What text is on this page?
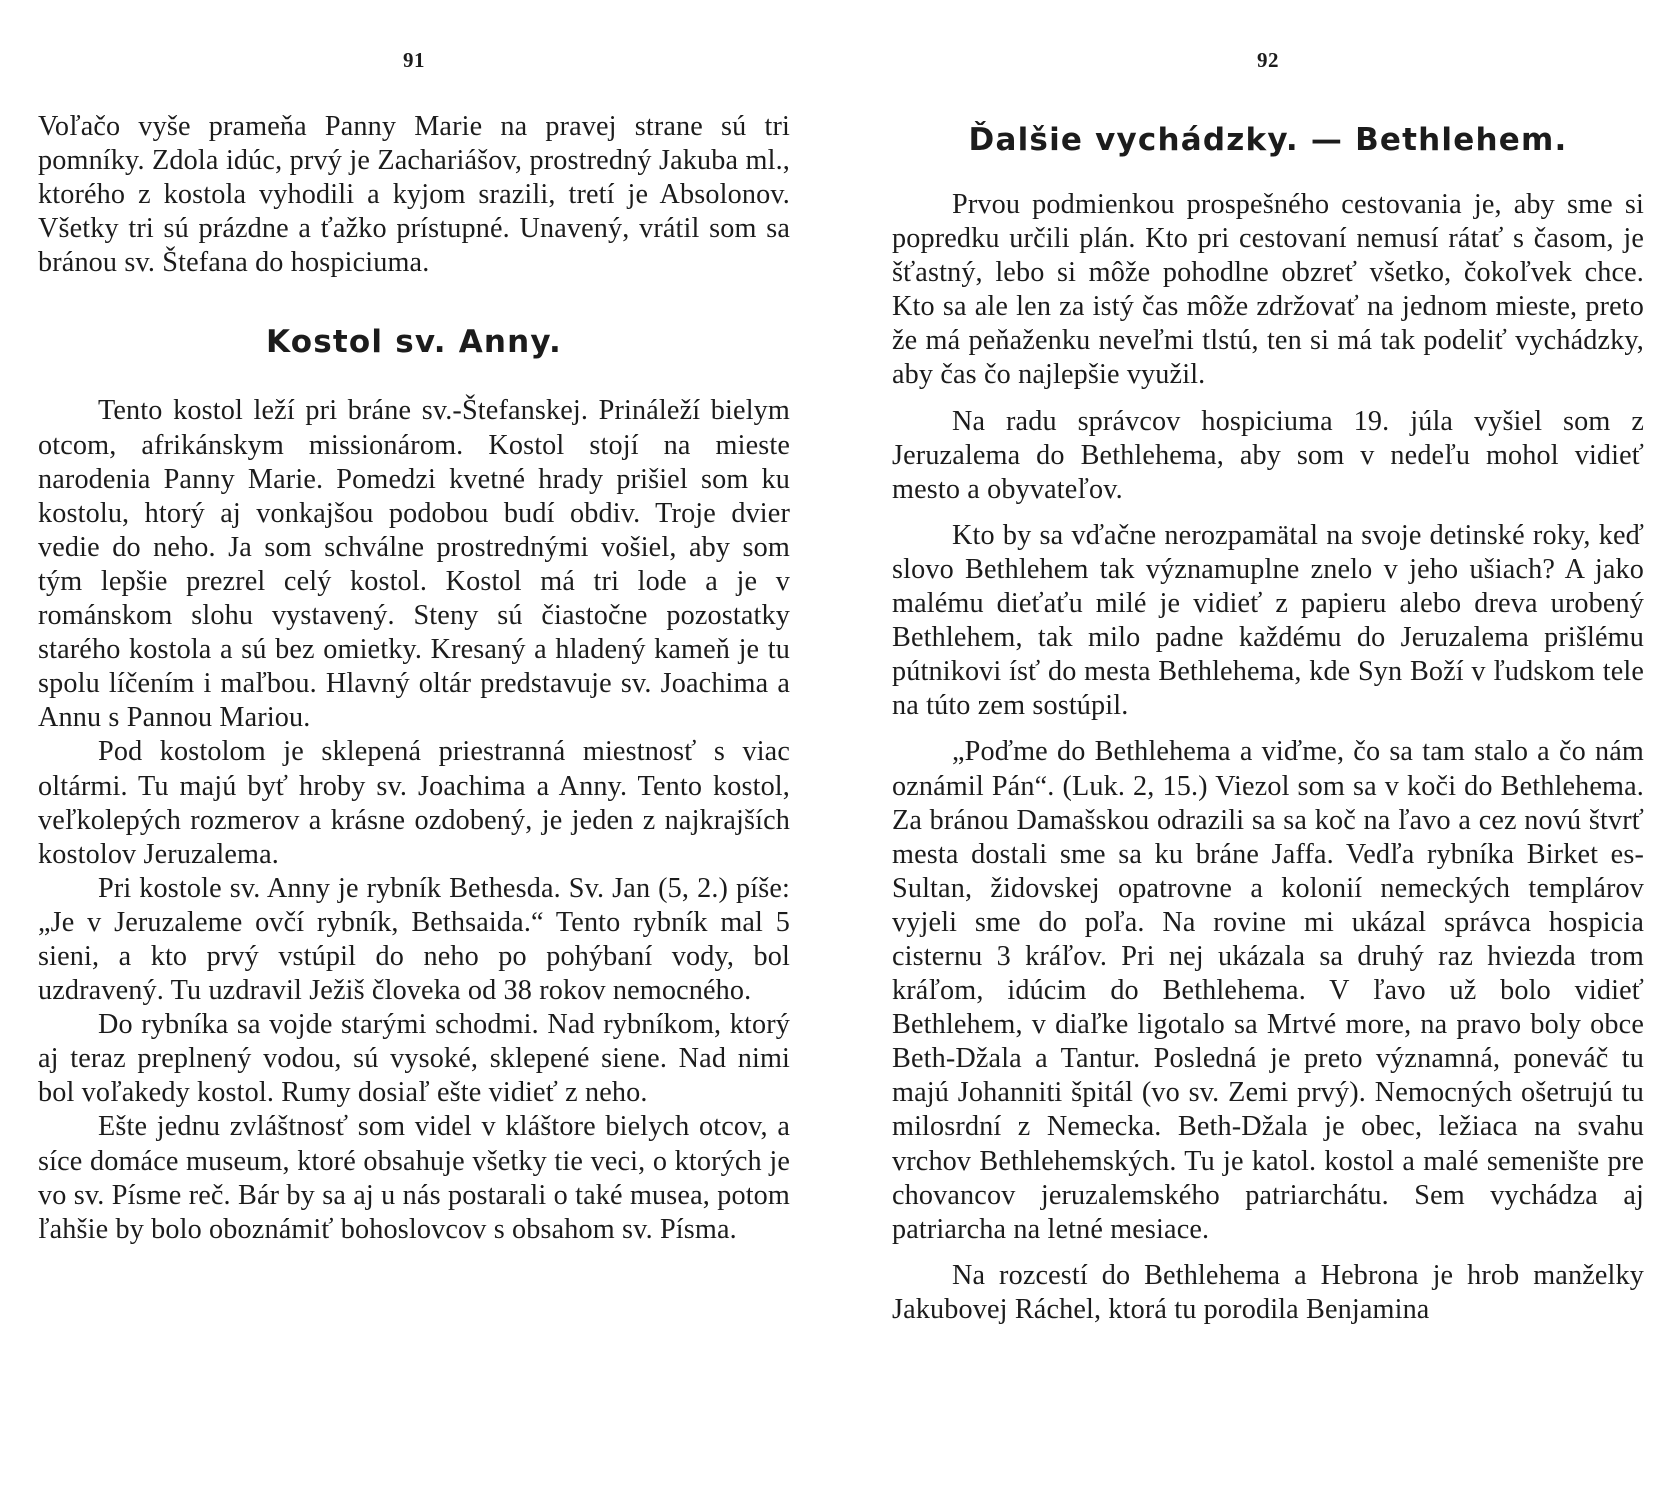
91

Voľačo vyše prameňa Panny Marie na pravej strane sú tri pomníky. Zdola idúc, prvý je Zachariášov, prostredný Jakuba ml., ktorého z kostola vyhodili a kyjom srazili, tretí je Absolonov. Všetky tri sú prázdne a ťažko prístupné. Unavený, vrátil som sa bránou sv. Štefana do hospiciuma.

Kostol sv. Anny.

Tento kostol leží pri bráne sv.-Štefanskej. Prináleží bielym otcom, afrikánskym missionárom. Kostol stojí na mieste narodenia Panny Marie. Pomedzi kvetné hrady prišiel som ku kostolu, htorý aj vonkajšou podobou budí obdiv. Troje dvier vedie do neho. Ja som schválne prostrednými vošiel, aby som tým lepšie prezrel celý kostol. Kostol má tri lode a je v románskom slohu vystavený. Steny sú čiastočne pozostatky starého kostola a sú bez omietky. Kresaný a hladený kameň je tu spolu líčením i maľbou. Hlavný oltár predstavuje sv. Joachima a Annu s Pannou Mariou.

Pod kostolom je sklepená priestranná miestnosť s viac oltármi. Tu majú byť hroby sv. Joachima a Anny. Tento kostol, veľkolepých rozmerov a krásne ozdobený, je jeden z najkrajších kostolov Jeruzalema.

Pri kostole sv. Anny je rybník Bethesda. Sv. Jan (5, 2.) píše: „Je v Jeruzaleme ovčí rybník, Bethsaida.“ Tento rybník mal 5 sieni, a kto prvý vstúpil do neho po pohýbaní vody, bol uzdravený. Tu uzdravil Ježiš človeka od 38 rokov nemocného.

Do rybníka sa vojde starými schodmi. Nad rybníkom, ktorý aj teraz preplnený vodou, sú vysoké, sklepené siene. Nad nimi bol voľakedy kostol. Rumy dosiaľ ešte vidieť z neho.

Ešte jednu zvláštnosť som videl v kláštore bielych otcov, a síce domáce museum, ktoré obsahuje všetky tie veci, o ktorých je vo sv. Písme reč. Bár by sa aj u nás postarali o také musea, potom ľahšie by bolo oboznámiť bohoslovcov s obsahom sv. Písma.

92
Ďalšie vychádzky. — Bethlehem.

Prvou podmienkou prospešného cestovania je, aby sme si popredku určili plán. Kto pri cestovaní nemusí rátať s časom, je šťastný, lebo si môže pohodlne obzreť všetko, čokoľvek chce. Kto sa ale len za istý čas môže zdržovať na jednom mieste, preto že má peňaženku neveľmi tlstú, ten si má tak podeliť vychádzky, aby čas čo najlepšie využil.

Na radu správcov hospiciuma 19. júla vyšiel som z Jeruzalema do Bethlehema, aby som v nedeľu mohol vidieť mesto a obyvateľov.

Kto by sa vďačne nerozpamätal na svoje detinské roky, keď slovo Bethlehem tak významuplne znelo v jeho ušiach? A jako malému dieťaťu milé je vidieť z papieru alebo dreva urobený Bethlehem, tak milo padne každému do Jeruzalema prišlému pútnikovi ísť do mesta Bethlehema, kde Syn Boží v ľudskom tele na túto zem sostúpil.

„Poďme do Bethlehema a viďme, čo sa tam stalo a čo nám oznámil Pán“. (Luk. 2, 15.) Viezol som sa v koči do Bethlehema. Za bránou Damašskou odrazili sa sa koč na ľavo a cez novú štvrť mesta dostali sme sa ku bráne Jaffa. Vedľa rybníka Birket es-Sultan, židovskej opatrovne a kolonií nemeckých templárov vyjeli sme do poľa. Na rovine mi ukázal správca hospicia cisternu 3 kráľov. Pri nej ukázala sa druhý raz hviezda trom kráľom, idúcim do Bethlehema. V ľavo už bolo vidieť Bethlehem, v diaľke ligotalo sa Mrtvé more, na pravo boly obce Beth-Džala a Tantur. Posledná je preto významná, poneváč tu majú Johanniti špitál (vo sv. Zemi prvý). Nemocných ošetrujú tu milosrdní z Nemecka. Beth-Džala je obec, ležiaca na svahu vrchov Bethlehemských. Tu je katol. kostol a malé semenište pre chovancov jeruzalemského patriarchátu. Sem vychádza aj patriarcha na letné mesiace.

Na rozcestí do Bethlehema a Hebrona je hrob manželky Jakubovej Ráchel, ktorá tu porodila Benjamina
